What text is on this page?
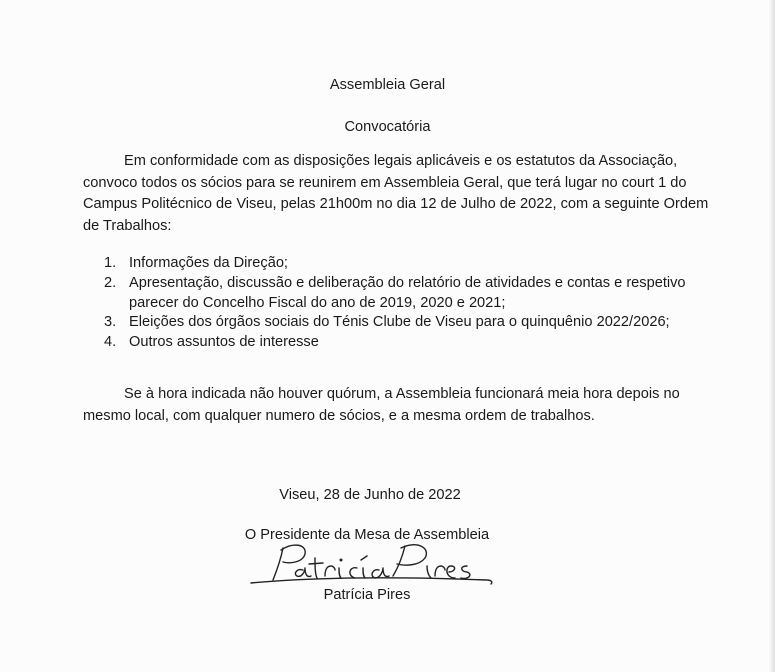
Assembleia Geral
Convocatória
Em conformidade com as disposições legais aplicáveis e os estatutos da Associação, convoco todos os sócios para se reunirem em Assembleia Geral, que terá lugar no court 1 do Campus Politécnico de Viseu, pelas 21h00m no dia 12 de Julho de 2022, com a seguinte Ordem de Trabalhos:
1. Informações da Direção;
2. Apresentação, discussão e deliberação do relatório de atividades e contas e respetivo parecer do Concelho Fiscal do ano de 2019, 2020 e 2021;
3. Eleições dos órgãos sociais do Ténis Clube de Viseu para o quinquênio 2022/2026;
4. Outros assuntos de interesse
Se à hora indicada não houver quórum, a Assembleia funcionará meia hora depois no mesmo local, com qualquer numero de sócios, e a mesma ordem de trabalhos.
Viseu, 28 de Junho de 2022
O Presidente da Mesa de Assembleia
Patrícia Pires
